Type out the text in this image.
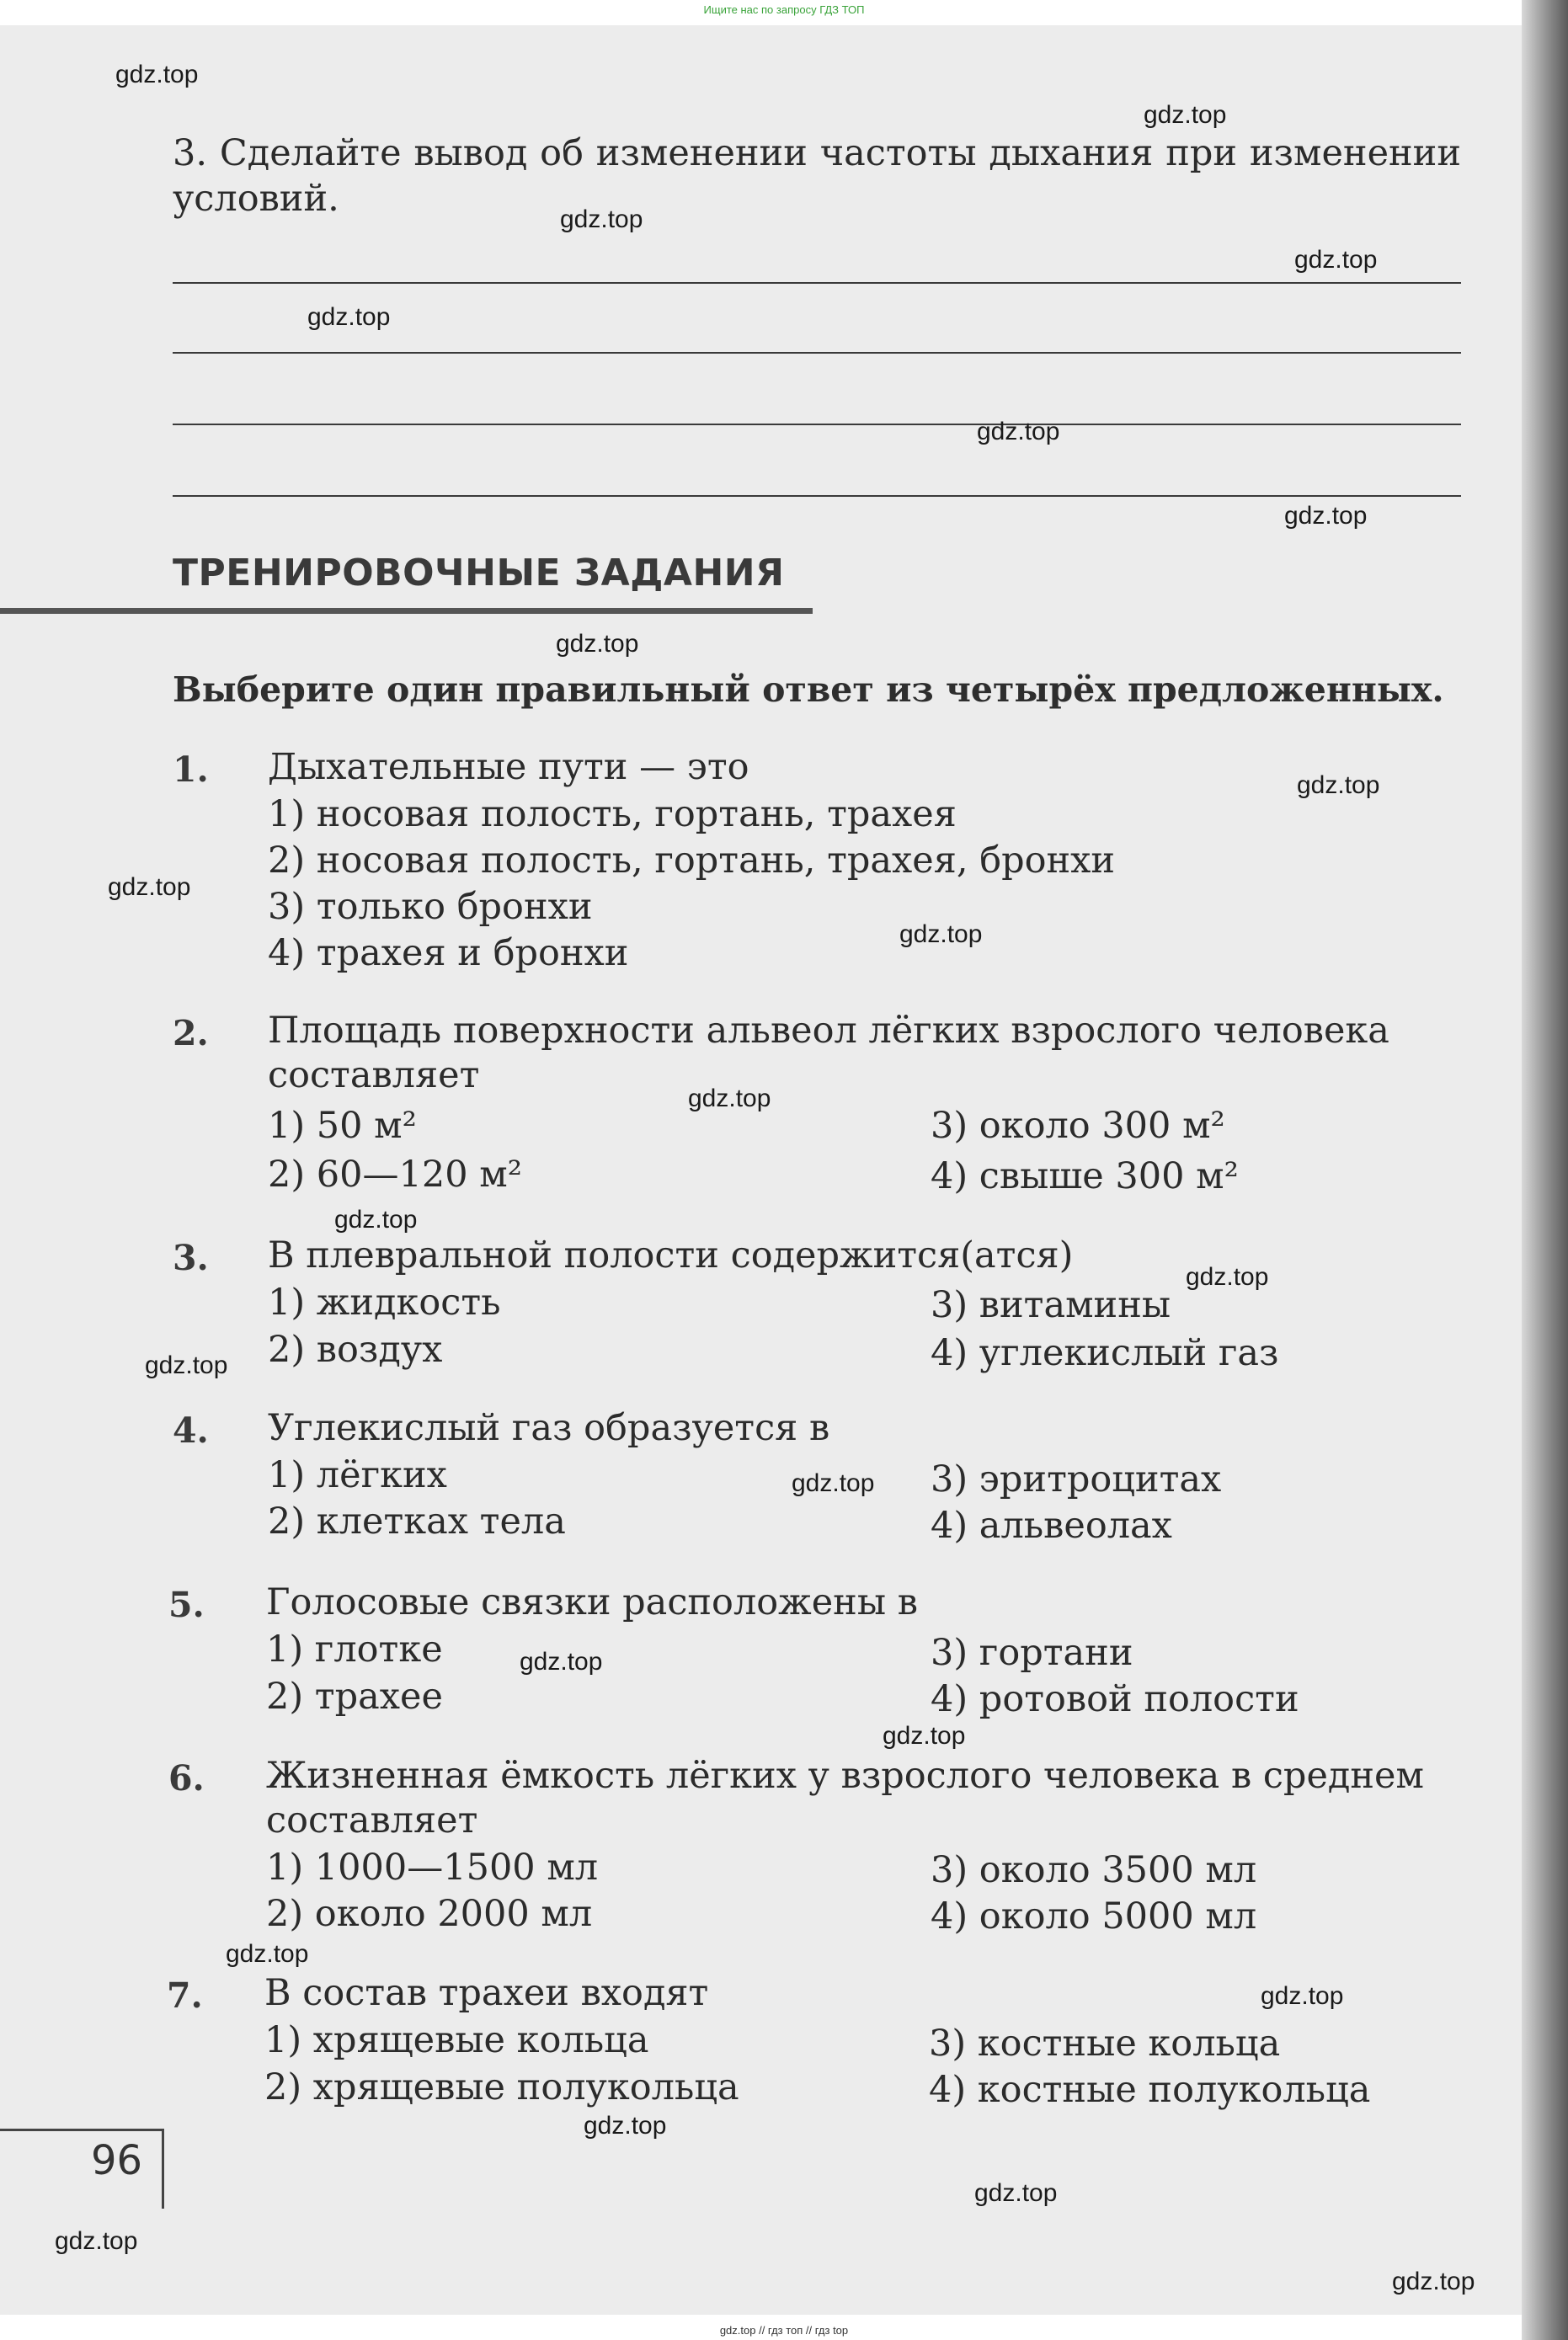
Ищите нас по запросу ГДЗ ТОП
3. Сделайте вывод об изменении частоты дыхания при изменении условий.
ТРЕНИРОВОЧНЫЕ ЗАДАНИЯ
Выберите один правильный ответ из четырёх предложенных.
1. Дыхательные пути — это
1) носовая полость, гортань, трахея
2) носовая полость, гортань, трахея, бронхи
3) только бронхи
4) трахея и бронхи
2. Площадь поверхности альвеол лёгких взрослого человека
составляет
1) 50 м²	3) около 300 м²
2) 60—120 м²	4) свыше 300 м²
3. В плевральной полости содержится(атся)
1) жидкость	3) витамины
2) воздух	4) углекислый газ
4. Углекислый газ образуется в
1) лёгких	3) эритроцитах
2) клетках тела	4) альвеолах
5. Голосовые связки расположены в
1) глотке	3) гортани
2) трахее	4) ротовой полости
6. Жизненная ёмкость лёгких у взрослого человека в среднем
составляет
1) 1000—1500 мл	3) около 3500 мл
2) около 2000 мл	4) около 5000 мл
7. В состав трахеи входят
1) хрящевые кольца	3) костные кольца
2) хрящевые полукольца	4) костные полукольца
96
gdz.top
gdz.top
gdz.top
gdz.top
gdz.top
gdz.top
gdz.top
gdz.top
gdz.top
gdz.top
gdz.top
gdz.top
gdz.top
gdz.top
gdz.top
gdz.top
gdz.top
gdz.top
gdz.top
gdz.top
gdz.top
gdz.top
gdz.top
gdz.top
gdz.top // гдз топ // гдз top
